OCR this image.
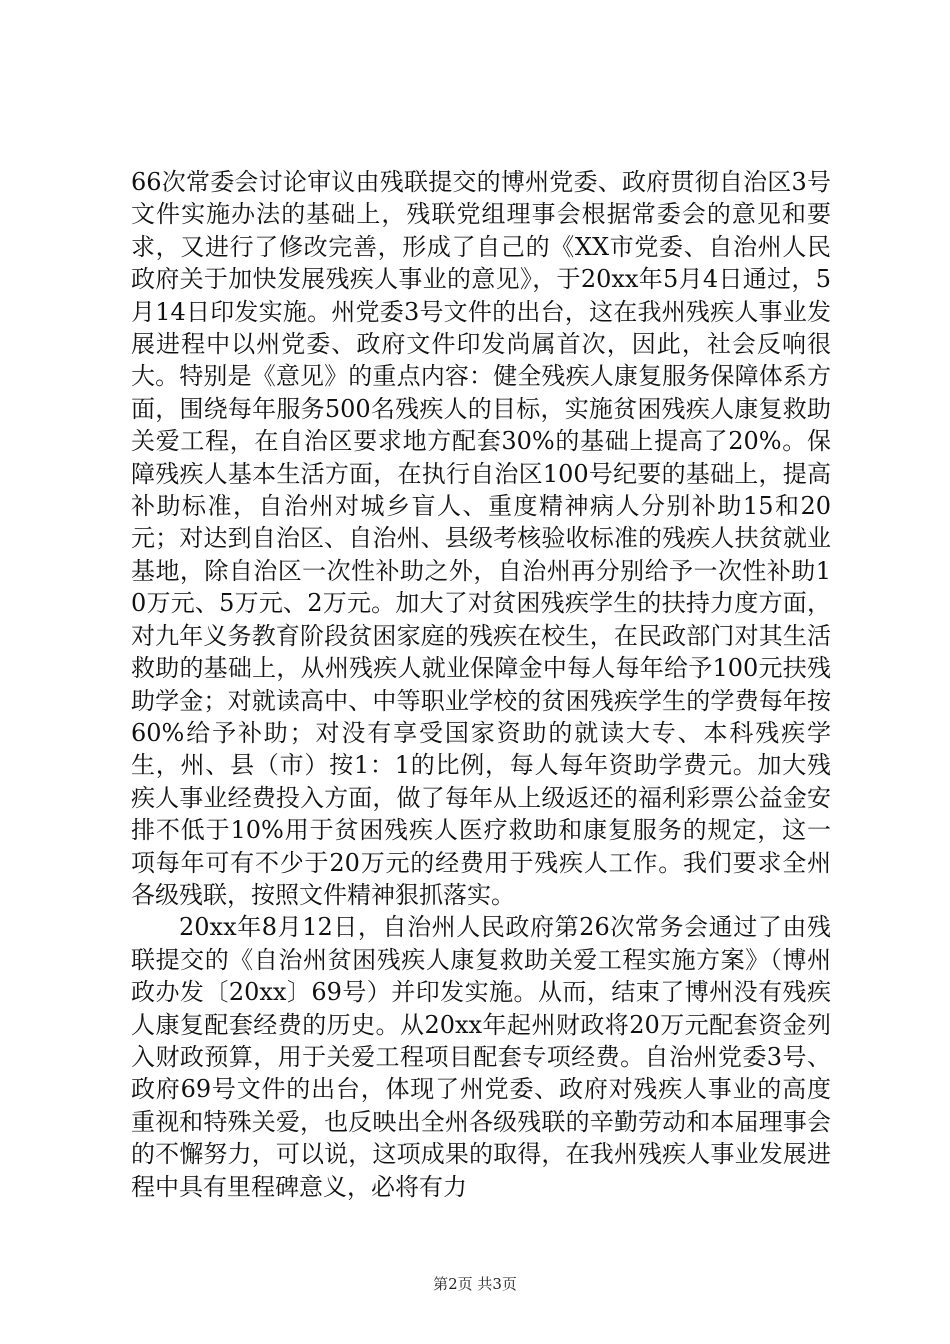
66次常委会讨论审议由残联提交的博州党委、政府贯彻自治区3号文件实施办法的基础上，残联党组理事会根据常委会的意见和要求，又进行了修改完善，形成了自己的《XX市党委、自治州人民政府关于加快发展残疾人事业的意见》，于20xx年5月4日通过，5月14日印发实施。州党委3号文件的出台，这在我州残疾人事业发展进程中以州党委、政府文件印发尚属首次，因此，社会反响很大。特别是《意见》的重点内容：健全残疾人康复服务保障体系方面，围绕每年服务500名残疾人的目标，实施贫困残疾人康复救助关爱工程，在自治区要求地方配套30%的基础上提高了20%。保障残疾人基本生活方面，在执行自治区100号纪要的基础上，提高补助标准，自治州对城乡盲人、重度精神病人分别补助15和20元；对达到自治区、自治州、县级考核验收标准的残疾人扶贫就业基地，除自治区一次性补助之外，自治州再分别给予一次性补助10万元、5万元、2万元。加大了对贫困残疾学生的扶持力度方面，对九年义务教育阶段贫困家庭的残疾在校生，在民政部门对其生活救助的基础上，从州残疾人就业保障金中每人每年给予100元扶残助学金；对就读高中、中等职业学校的贫困残疾学生的学费每年按60%给予补助；对没有享受国家资助的就读大专、本科残疾学生，州、县（市）按1：1的比例，每人每年资助学费元。加大残疾人事业经费投入方面，做了每年从上级返还的福利彩票公益金安排不低于10%用于贫困残疾人医疗救助和康复服务的规定，这一项每年可有不少于20万元的经费用于残疾人工作。我们要求全州各级残联，按照文件精神狠抓落实。

20xx年8月12日，自治州人民政府第26次常务会通过了由残联提交的《自治州贫困残疾人康复救助关爱工程实施方案》（博州政办发〔20xx〕69号）并印发实施。从而，结束了博州没有残疾人康复配套经费的历史。从20xx年起州财政将20万元配套资金列入财政预算，用于关爱工程项目配套专项经费。自治州党委3号、政府69号文件的出台，体现了州党委、政府对残疾人事业的高度重视和特殊关爱，也反映出全州各级残联的辛勤劳动和本届理事会的不懈努力，可以说，这项成果的取得，在我州残疾人事业发展进程中具有里程碑意义，必将有力

第2页 共3页
